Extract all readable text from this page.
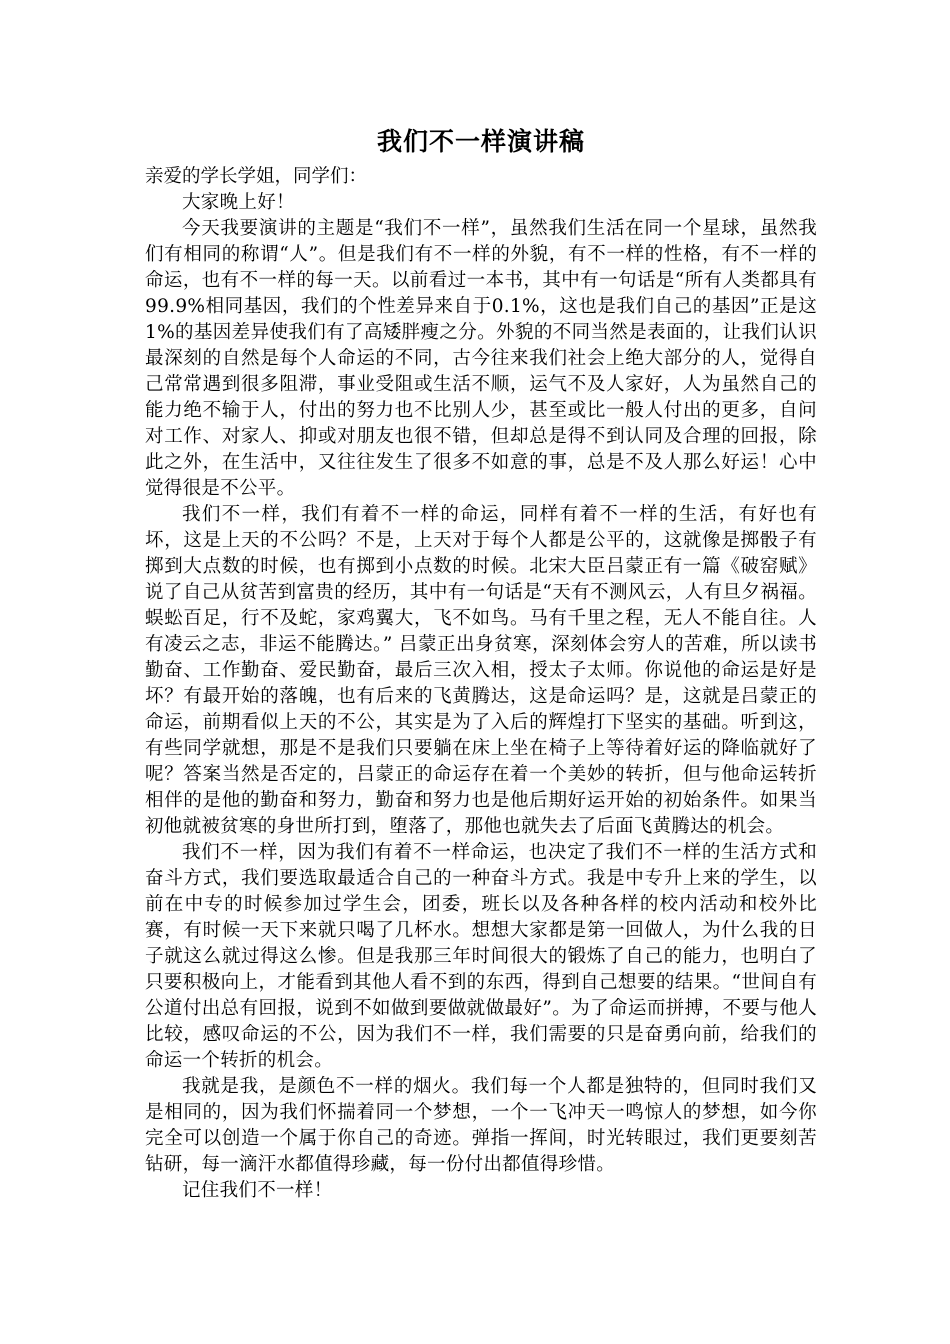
我们不一样演讲稿

亲爱的学长学姐，同学们：

大家晚上好！

今天我要演讲的主题是“我们不一样”，虽然我们生活在同一个星球，虽然我们有相同的称谓“人”。但是我们有不一样的外貌，有不一样的性格，有不一样的命运，也有不一样的每一天。以前看过一本书，其中有一句话是“所有人类都具有99.9%相同基因，我们的个性差异来自于0.1%，这也是我们自己的基因”正是这1%的基因差异使我们有了高矮胖瘦之分。外貌的不同当然是表面的，让我们认识最深刻的自然是每个人命运的不同，古今往来我们社会上绝大部分的人，觉得自己常常遇到很多阻滞，事业受阻或生活不顺，运气不及人家好，人为虽然自己的能力绝不输于人，付出的努力也不比别人少，甚至或比一般人付出的更多，自问对工作、对家人、抑或对朋友也很不错，但却总是得不到认同及合理的回报，除此之外，在生活中，又往往发生了很多不如意的事，总是不及人那么好运！心中觉得很是不公平。

我们不一样，我们有着不一样的命运，同样有着不一样的生活，有好也有坏，这是上天的不公吗？不是，上天对于每个人都是公平的，这就像是掷骰子有掷到大点数的时候，也有掷到小点数的时候。北宋大臣吕蒙正有一篇《破窑赋》说了自己从贫苦到富贵的经历，其中有一句话是“天有不测风云，人有旦夕祸福。蜈蚣百足，行不及蛇，家鸡翼大，飞不如鸟。马有千里之程，无人不能自往。人有凌云之志，非运不能腾达。” 吕蒙正出身贫寒，深刻体会穷人的苦难，所以读书勤奋、工作勤奋、爱民勤奋，最后三次入相，授太子太师。你说他的命运是好是坏？有最开始的落魄，也有后来的飞黄腾达，这是命运吗？是，这就是吕蒙正的命运，前期看似上天的不公，其实是为了入后的辉煌打下坚实的基础。听到这，有些同学就想，那是不是我们只要躺在床上坐在椅子上等待着好运的降临就好了呢？答案当然是否定的，吕蒙正的命运存在着一个美妙的转折，但与他命运转折相伴的是他的勤奋和努力，勤奋和努力也是他后期好运开始的初始条件。如果当初他就被贫寒的身世所打到，堕落了，那他也就失去了后面飞黄腾达的机会。

我们不一样，因为我们有着不一样命运，也决定了我们不一样的生活方式和奋斗方式，我们要选取最适合自己的一种奋斗方式。我是中专升上来的学生，以前在中专的时候参加过学生会，团委，班长以及各种各样的校内活动和校外比赛，有时候一天下来就只喝了几杯水。想想大家都是第一回做人，为什么我的日子就这么就过得这么惨。但是我那三年时间很大的锻炼了自己的能力，也明白了只要积极向上，才能看到其他人看不到的东西，得到自己想要的结果。“世间自有公道付出总有回报，说到不如做到要做就做最好”。为了命运而拼搏，不要与他人比较，感叹命运的不公，因为我们不一样，我们需要的只是奋勇向前，给我们的命运一个转折的机会。

我就是我，是颜色不一样的烟火。我们每一个人都是独特的，但同时我们又是相同的，因为我们怀揣着同一个梦想，一个一飞冲天一鸣惊人的梦想，如今你完全可以创造一个属于你自己的奇迹。弹指一挥间，时光转眼过，我们更要刻苦钻研，每一滴汗水都值得珍藏，每一份付出都值得珍惜。

记住我们不一样！
